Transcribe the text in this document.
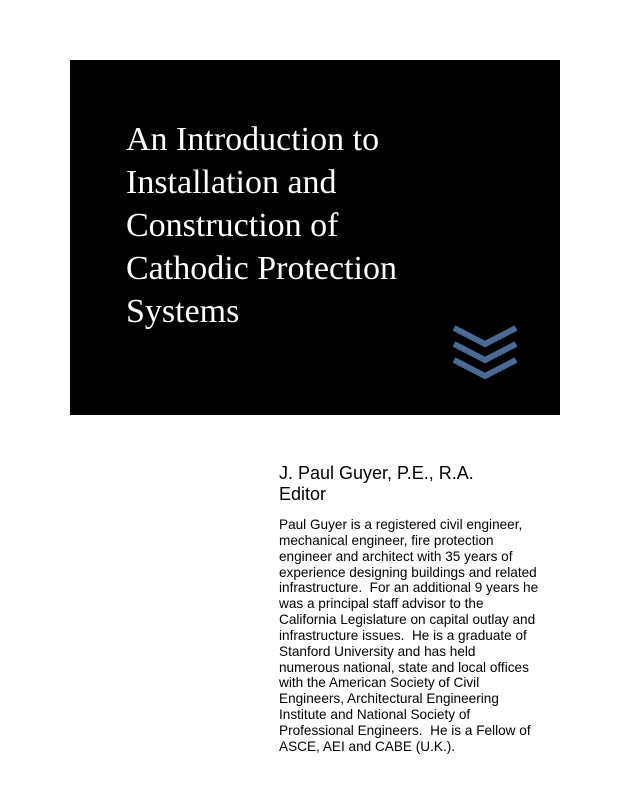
An Introduction to
Installation and
Construction of
Cathodic Protection
Systems

J. Paul Guyer, P.E., R.A.

Editor

Paul Guyer is a registered civil engineer,
mechanical engineer, fire protection
engineer and architect with 35 years of
experience designing buildings and related
infrastructure.  For an additional 9 years he
was a principal staff advisor to the
California Legislature on capital outlay and
infrastructure issues.  He is a graduate of
Stanford University and has held
numerous national, state and local offices
with the American Society of Civil
Engineers, Architectural Engineering
Institute and National Society of
Professional Engineers.  He is a Fellow of
ASCE, AEI and CABE (U.K.).
